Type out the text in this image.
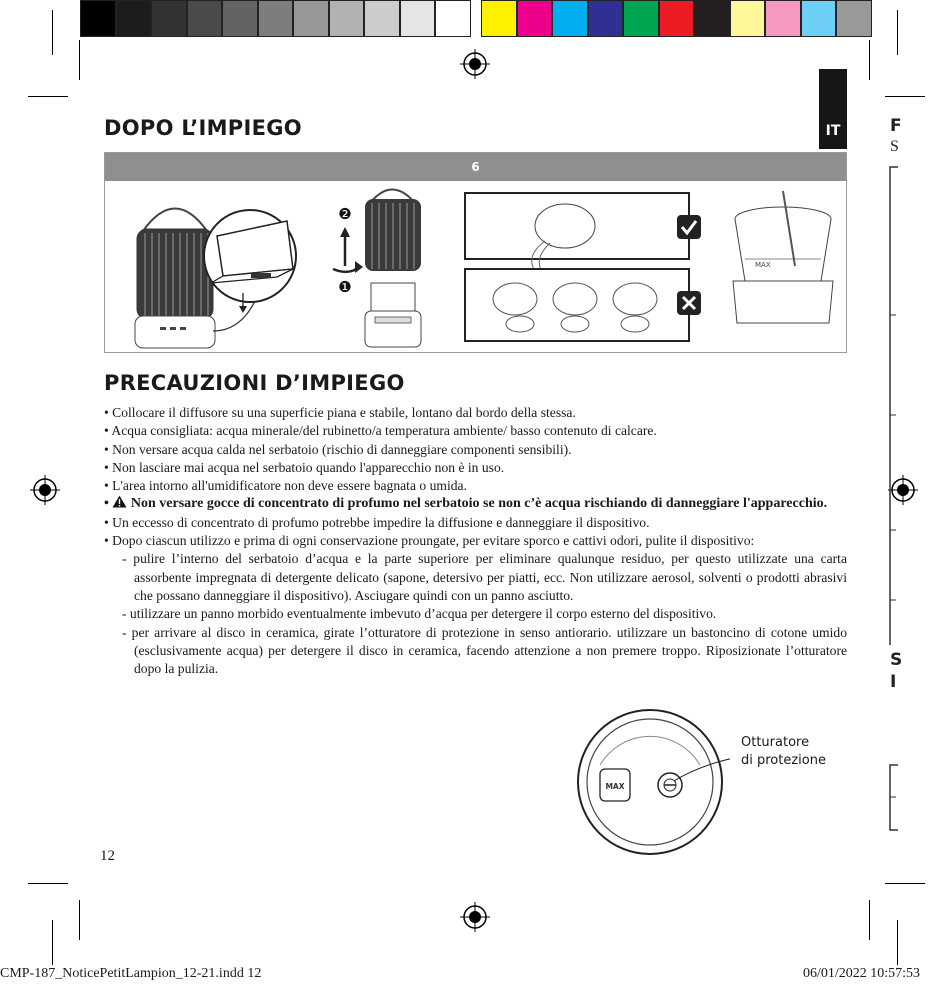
IT	F
S
S
I
DOPO L’IMPIEGO
6
❷
❶
MAX
PRECAUZIONI D’IMPIEGO

• Collocare il diffusore su una superficie piana e stabile, lontano dal bordo della stessa.

• Acqua consigliata: acqua minerale/del rubinetto/a temperatura ambiente/ basso contenuto di calcare.

• Non versare acqua calda nel serbatoio (rischio di danneggiare componenti sensibili).

• Non lasciare mai acqua nel serbatoio quando l'apparecchio non è in uso.

• L'area intorno all'umidificatore non deve essere bagnata o umida.

•  Non versare gocce di concentrato di profumo nel serbatoio se non c’è acqua rischiando di danneggiare l'apparecchio.

• Un eccesso di concentrato di profumo potrebbe impedire la diffusione e danneggiare il dispositivo.

• Dopo ciascun utilizzo e prima di ogni conservazione proungate, per evitare sporco e cattivi odori, pulite il dispositivo:

- pulire l’interno del serbatoio d’acqua e la parte superiore per eliminare qualunque residuo, per questo utilizzate una carta assorbente impregnata di detergente delicato (sapone, detersivo per piatti, ecc. Non utilizzare aerosol, solventi o prodotti abrasivi che possano danneggiare il dispositivo). Asciugare quindi con un panno asciutto.

- utilizzare un panno morbido eventualmente imbevuto d’acqua per detergere il corpo esterno del dispositivo.

- per arrivare al disco in ceramica, girate l’otturatore di protezione in senso antiorario. utilizzare un bastoncino di cotone umido (esclusivamente acqua) per detergere il disco in ceramica, facendo attenzione a non premere troppo. Riposizionate l’otturatore dopo la pulizia.

MAX
Otturatore
di protezione
12
CMP-187_NoticePetitLampion_12-21.indd 12	06/01/2022 10:57:53
